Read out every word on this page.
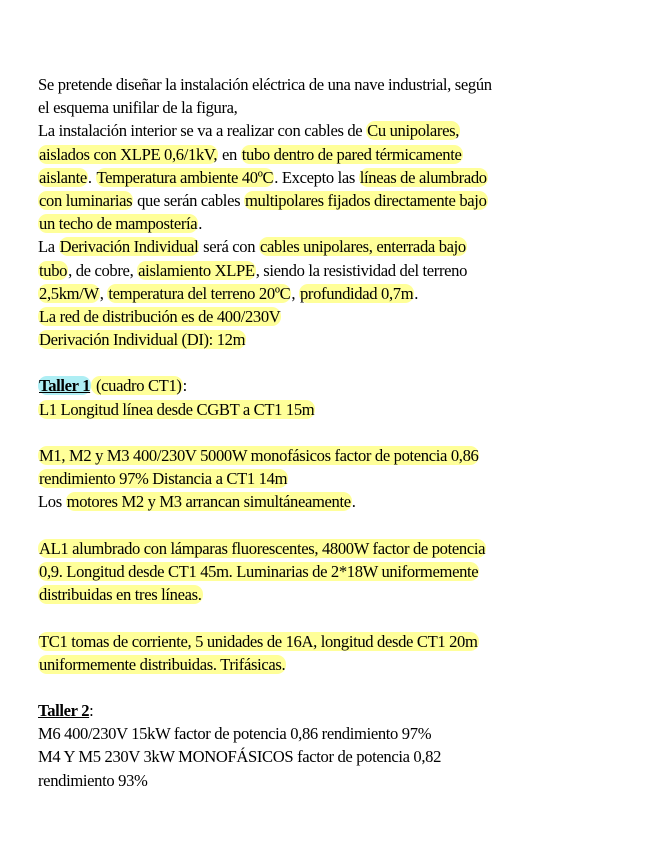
Se pretende diseñar la instalación eléctrica de una nave industrial, según
el esquema unifilar de la figura,
La instalación interior se va a realizar con cables de Cu unipolares,
aislados con XLPE 0,6/1kV, en tubo dentro de pared térmicamente
aislante. Temperatura ambiente 40ºC. Excepto las líneas de alumbrado
con luminarias que serán cables multipolares fijados directamente bajo
un techo de mampostería.
La Derivación Individual será con cables unipolares, enterrada bajo
tubo, de cobre, aislamiento XLPE, siendo la resistividad del terreno
2,5km/W, temperatura del terreno 20ºC, profundidad 0,7m.
La red de distribución es de 400/230V
Derivación Individual (DI): 12m
Taller 1 (cuadro CT1):
L1 Longitud línea desde CGBT a CT1 15m
M1, M2 y M3 400/230V 5000W monofásicos factor de potencia 0,86
rendimiento 97% Distancia a CT1 14m
Los motores M2 y M3 arrancan simultáneamente.
AL1 alumbrado con lámparas fluorescentes, 4800W factor de potencia
0,9. Longitud desde CT1 45m. Luminarias de 2*18W uniformemente
distribuidas en tres líneas.
TC1 tomas de corriente, 5 unidades de 16A, longitud desde CT1 20m
uniformemente distribuidas. Trifásicas.
Taller 2:
M6 400/230V 15kW factor de potencia 0,86 rendimiento 97%
M4 Y M5 230V 3kW MONOFÁSICOS factor de potencia 0,82
rendimiento 93%
